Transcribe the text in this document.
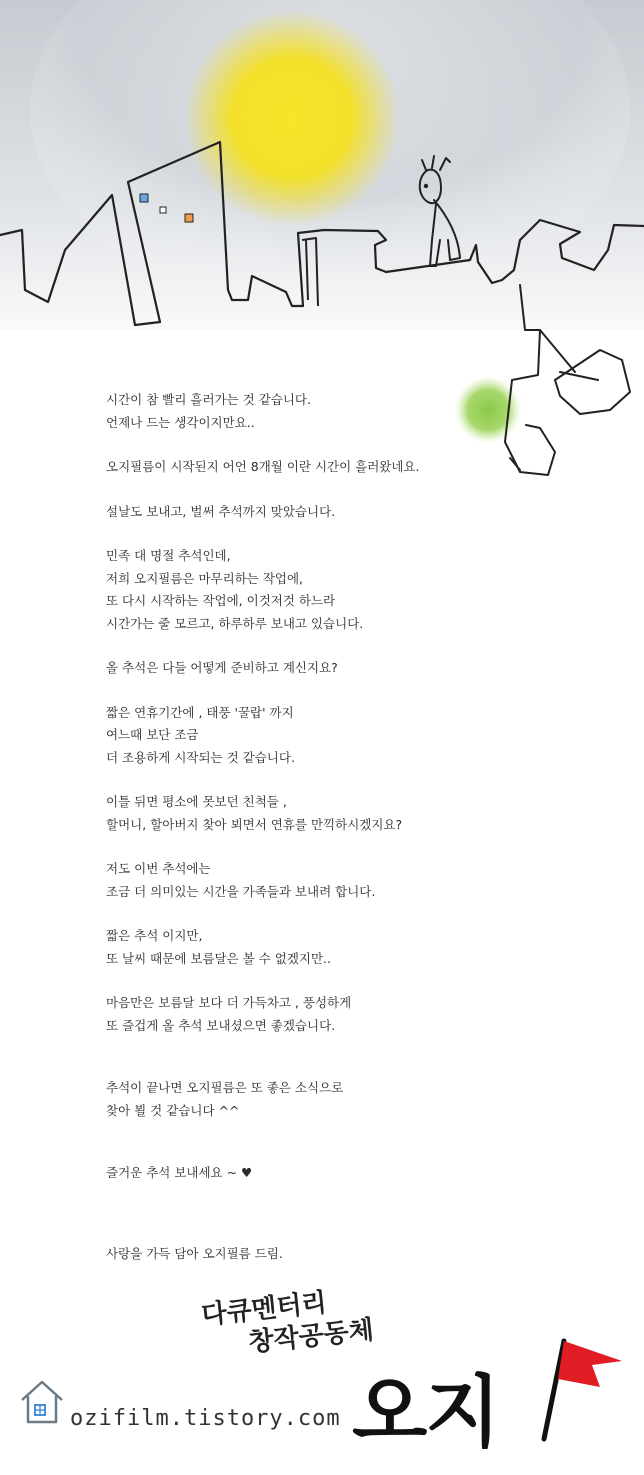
시간이 참 빨리 흘러가는 것 같습니다.
언제나 드는 생각이지만요..

오지필름이 시작된지 어언 8개월 이란 시간이 흘러왔네요.

설날도 보내고, 벌써 추석까지 맞았습니다.

민족 대 명절 추석인데,
저희 오지필름은 마무리하는 작업에,
또 다시 시작하는 작업에, 이것저것 하느라
시간가는 줄 모르고, 하루하루 보내고 있습니다.

올 추석은 다들 어떻게 준비하고 계신지요?

짧은 연휴기간에 , 태풍 '꿀랍' 까지
여느때 보단 조금
더 조용하게 시작되는 것 같습니다.

이틀 뒤면 평소에 못보던 친척들 ,
할머니, 할아버지 찾아 뵈면서 연휴를 만끽하시겠지요?

저도 이번 추석에는
조금 더 의미있는 시간을 가족들과 보내려 합니다.

짧은 추석 이지만,
또 날씨 때문에 보름달은 볼 수 없겠지만..

마음만은 보름달 보다 더 가득차고 , 풍성하게
또 즐겁게 올 추석 보내셨으면 좋겠습니다.

추석이 끝나면 오지필름은 또 좋은 소식으로
찾아 뵐 것 같습니다 ^^

즐거운 추석 보내세요 ~ ♥

사랑을 가득 담아 오지필름 드림.

다큐멘터리
창작공동체
오지
ozifilm.tistory.com
